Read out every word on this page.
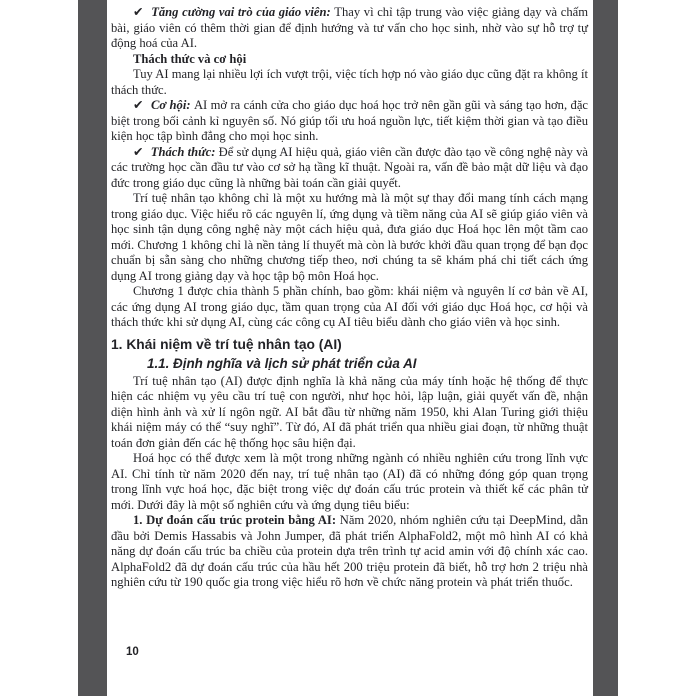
✔ Tăng cường vai trò của giáo viên: Thay vì chỉ tập trung vào việc giảng dạy và chấm bài, giáo viên có thêm thời gian để định hướng và tư vấn cho học sinh, nhờ vào sự hỗ trợ tự động hoá của AI.

Thách thức và cơ hội

Tuy AI mang lại nhiều lợi ích vượt trội, việc tích hợp nó vào giáo dục cũng đặt ra không ít thách thức.

✔ Cơ hội: AI mở ra cánh cửa cho giáo dục hoá học trở nên gần gũi và sáng tạo hơn, đặc biệt trong bối cảnh kỉ nguyên số. Nó giúp tối ưu hoá nguồn lực, tiết kiệm thời gian và tạo điều kiện học tập bình đẳng cho mọi học sinh.

✔ Thách thức: Để sử dụng AI hiệu quả, giáo viên cần được đào tạo về công nghệ này và các trường học cần đầu tư vào cơ sở hạ tầng kĩ thuật. Ngoài ra, vấn đề bảo mật dữ liệu và đạo đức trong giáo dục cũng là những bài toán cần giải quyết.

Trí tuệ nhân tạo không chỉ là một xu hướng mà là một sự thay đổi mang tính cách mạng trong giáo dục. Việc hiểu rõ các nguyên lí, ứng dụng và tiềm năng của AI sẽ giúp giáo viên và học sinh tận dụng công nghệ này một cách hiệu quả, đưa giáo dục Hoá học lên một tầm cao mới. Chương 1 không chỉ là nền tảng lí thuyết mà còn là bước khởi đầu quan trọng để bạn đọc chuẩn bị sẵn sàng cho những chương tiếp theo, nơi chúng ta sẽ khám phá chi tiết cách ứng dụng AI trong giảng dạy và học tập bộ môn Hoá học.

Chương 1 được chia thành 5 phần chính, bao gồm: khái niệm và nguyên lí cơ bản về AI, các ứng dụng AI trong giáo dục, tầm quan trọng của AI đối với giáo dục Hoá học, cơ hội và thách thức khi sử dụng AI, cùng các công cụ AI tiêu biểu dành cho giáo viên và học sinh.

1. Khái niệm về trí tuệ nhân tạo (AI)
1.1. Định nghĩa và lịch sử phát triển của AI

Trí tuệ nhân tạo (AI) được định nghĩa là khả năng của máy tính hoặc hệ thống để thực hiện các nhiệm vụ yêu cầu trí tuệ con người, như học hỏi, lập luận, giải quyết vấn đề, nhận diện hình ảnh và xử lí ngôn ngữ. AI bắt đầu từ những năm 1950, khi Alan Turing giới thiệu khái niệm máy có thể “suy nghĩ”. Từ đó, AI đã phát triển qua nhiều giai đoạn, từ những thuật toán đơn giản đến các hệ thống học sâu hiện đại.

Hoá học có thể được xem là một trong những ngành có nhiều nghiên cứu trong lĩnh vực AI. Chỉ tính từ năm 2020 đến nay, trí tuệ nhân tạo (AI) đã có những đóng góp quan trọng trong lĩnh vực hoá học, đặc biệt trong việc dự đoán cấu trúc protein và thiết kế các phân tử mới. Dưới đây là một số nghiên cứu và ứng dụng tiêu biểu:

1. Dự đoán cấu trúc protein bằng AI: Năm 2020, nhóm nghiên cứu tại DeepMind, dẫn đầu bởi Demis Hassabis và John Jumper, đã phát triển AlphaFold2, một mô hình AI có khả năng dự đoán cấu trúc ba chiều của protein dựa trên trình tự acid amin với độ chính xác cao. AlphaFold2 đã dự đoán cấu trúc của hầu hết 200 triệu protein đã biết, hỗ trợ hơn 2 triệu nhà nghiên cứu từ 190 quốc gia trong việc hiểu rõ hơn về chức năng protein và phát triển thuốc.

10
